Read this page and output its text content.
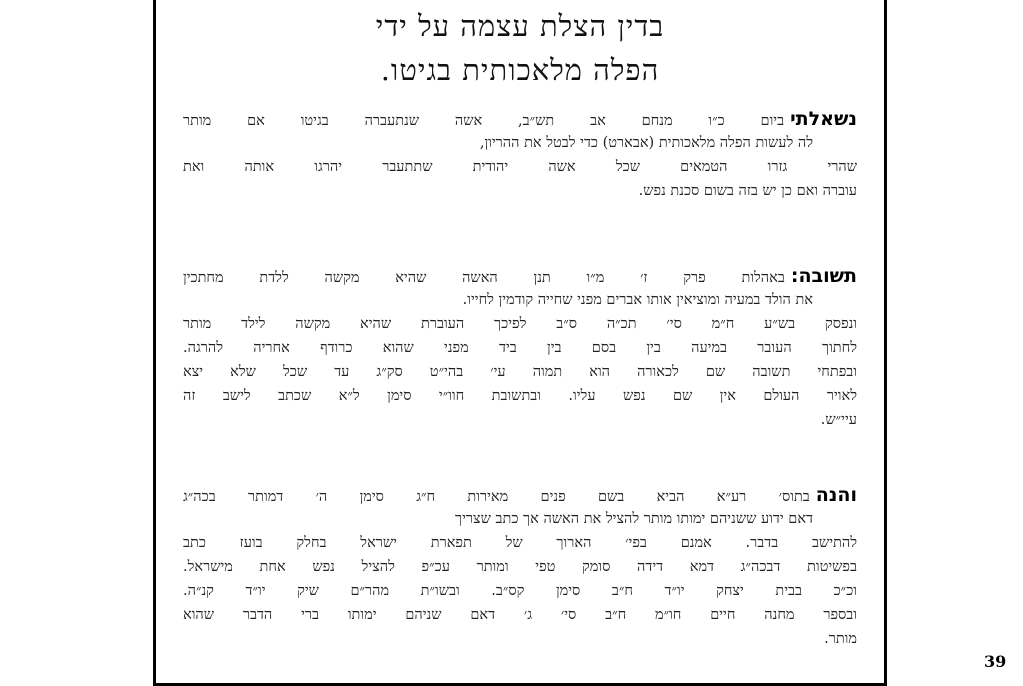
בדין הצלת עצמה על ידי
הפלה מלאכותית בגיטו.
נשאלתיביום כ״ו מנחם אב תש״ב, אשה שנתעברה בגיטו אם מותר
לה לעשות הפלה מלאכותית (אבארט) כדי לבטל את ההריון,
שהרי גזרו הטמאים שכל אשה יהודית שתתעבר יהרגו אותה ואת
עוברה ואם כן יש בזה בשום סכנת נפש.
תשובה:באהלות פרק ז׳ מ״ו תנן האשה שהיא מקשה ללדת מחתכין
את הולד במעיה ומוציאין אותו אברים מפני שחייה קודמין לחייו.
ונפסק בש״ע ח״מ סי׳ תכ״ה ס״ב לפיכך העוברת שהיא מקשה לילד מותר
לחתוך העובר במיעה בין בסם בין ביד מפני שהוא כרודף אחריה להרגה.
ובפתחי תשובה שם לכאורה הוא תמוה עי׳ בהי״ט סק״ג עד שכל שלא יצא
לאויר העולם אין שם נפש עליו. ובתשובת חוו״י סימן ל״א שכתב לישב זה
עיי״ש.
והנהבתוס׳ רע״א הביא בשם פנים מאירות ח״ג סימן ה׳ דמותר בכה״ג
דאם ידוע ששניהם ימותו מותר להציל את האשה אך כתב שצריך
להתישב בדבר. אמנם בפי׳ הארוך של תפארת ישראל בחלק בועז כתב
בפשיטות דבכה״ג דמא דידה סומק טפי ומותר עכ״פ להציל נפש אחת מישראל.
וכ״כ בבית יצחק יו״ד ח״ב סימן קס״ב. ובשו״ת מהר״ם שיק יו״ד קנ״ה.
ובספר מחנה חיים חו״מ ח״ב סי׳ ג׳ דאם שניהם ימותו ברי הדבר שהוא
מותר.
39
